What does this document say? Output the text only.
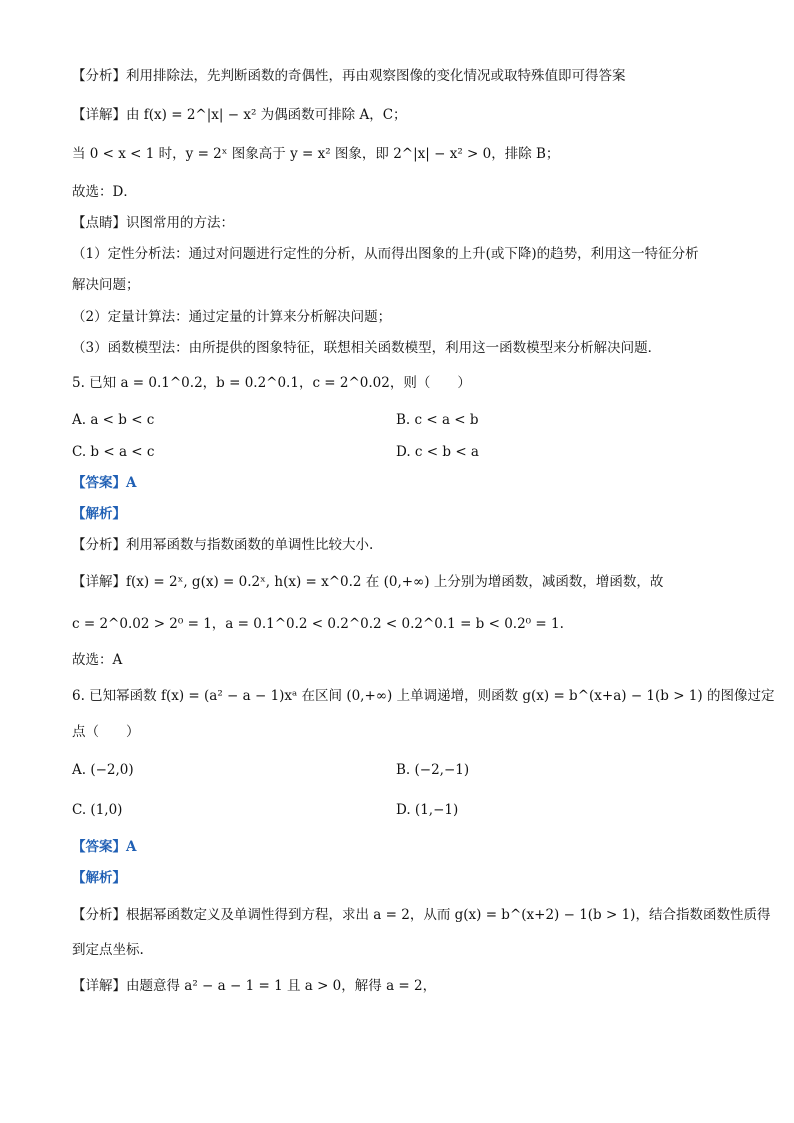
【分析】利用排除法，先判断函数的奇偶性，再由观察图像的变化情况或取特殊值即可得答案
【详解】由 f(x) = 2^|x| − x² 为偶函数可排除 A，C；
当 0 < x < 1 时，y = 2ˣ 图象高于 y = x² 图象，即 2^|x| − x² > 0，排除 B；
故选：D．
【点睛】识图常用的方法：
（1）定性分析法：通过对问题进行定性的分析，从而得出图象的上升(或下降)的趋势，利用这一特征分析
解决问题；
（2）定量计算法：通过定量的计算来分析解决问题；
（3）函数模型法：由所提供的图象特征，联想相关函数模型，利用这一函数模型来分析解决问题．
5. 已知 a = 0.1^0.2，b = 0.2^0.1，c = 2^0.02，则（　　）
A. a < b < c	B. c < a < b
C. b < a < c	D. c < b < a
【答案】A
【解析】
【分析】利用幂函数与指数函数的单调性比较大小.
【详解】f(x) = 2ˣ, g(x) = 0.2ˣ, h(x) = x^0.2 在 (0,+∞) 上分别为增函数，减函数，增函数，故
c = 2^0.02 > 2⁰ = 1，a = 0.1^0.2 < 0.2^0.2 < 0.2^0.1 = b < 0.2⁰ = 1.
故选：A
6. 已知幂函数 f(x) = (a² − a − 1)xᵃ 在区间 (0,+∞) 上单调递增，则函数 g(x) = b^(x+a) − 1(b > 1) 的图像过定
点（　　）
A. (−2,0)	B. (−2,−1)
C. (1,0)	D. (1,−1)
【答案】A
【解析】
【分析】根据幂函数定义及单调性得到方程，求出 a = 2，从而 g(x) = b^(x+2) − 1(b > 1)，结合指数函数性质得
到定点坐标.
【详解】由题意得 a² − a − 1 = 1 且 a > 0，解得 a = 2，
